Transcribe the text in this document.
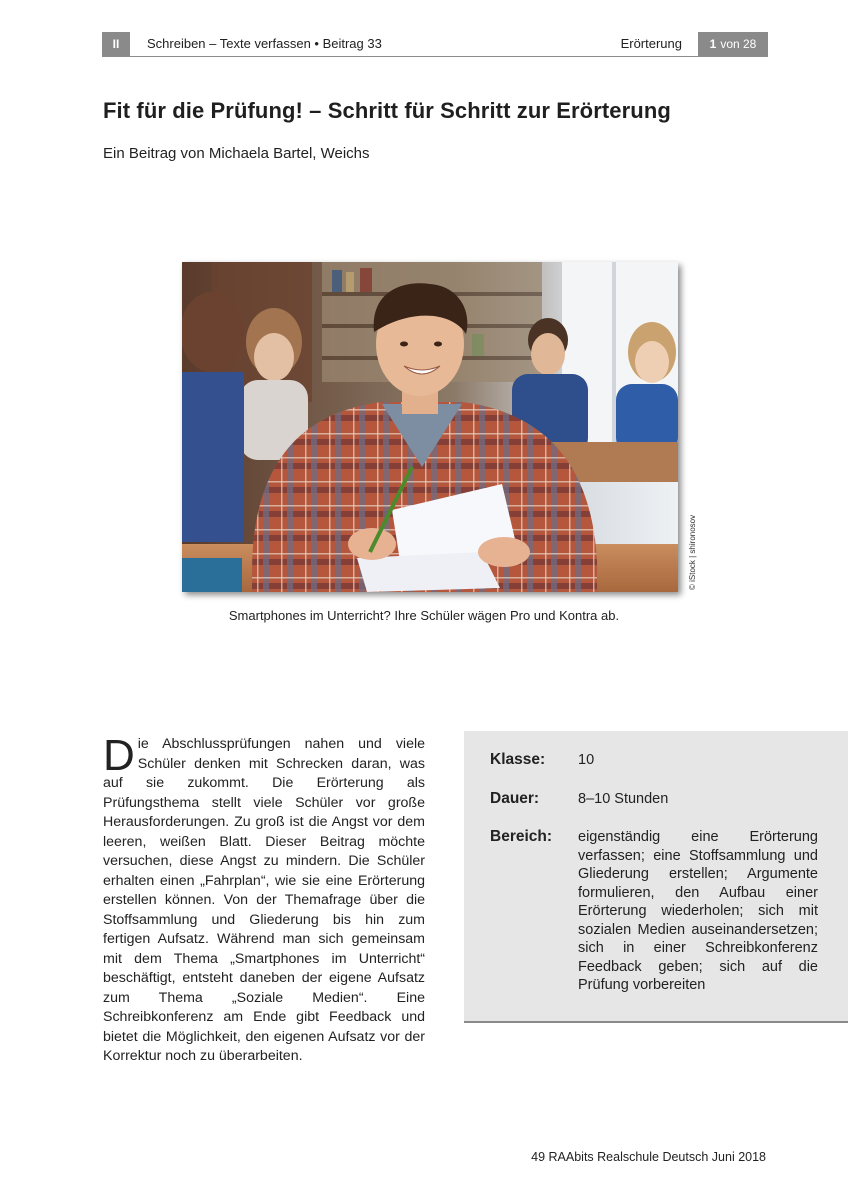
II	Schreiben – Texte verfassen • Beitrag 33	Erörterung 1 von 28
Fit für die Prüfung! – Schritt für Schritt zur Erörterung
Ein Beitrag von Michaela Bartel, Weichs
© iStock | shironosov
Smartphones im Unterricht? Ihre Schüler wägen Pro und Kontra ab.
Die Abschlussprüfungen nahen und viele Schüler denken mit Schrecken daran, was auf sie zukommt. Die Erörterung als Prüfungsthema stellt viele Schüler vor große Herausforderungen. Zu groß ist die Angst vor dem leeren, weißen Blatt. Dieser Beitrag möchte versuchen, diese Angst zu mindern. Die Schüler erhalten einen „Fahrplan“, wie sie eine Erörterung erstellen können. Von der Themafrage über die Stoffsammlung und Gliederung bis hin zum fertigen Aufsatz. Während man sich gemeinsam mit dem Thema „Smartphones im Unterricht“ beschäftigt, entsteht daneben der eigene Aufsatz zum Thema „Soziale Medien“. Eine Schreibkonferenz am Ende gibt Feedback und bietet die Möglichkeit, den eigenen Aufsatz vor der Korrektur noch zu überarbeiten.
Klasse:	10
Dauer:	8–10 Stunden
Bereich:	eigenständig eine Erörterung verfassen; eine Stoffsammlung und Gliederung erstellen; Argumente formulieren, den Aufbau einer Erörterung wiederholen; sich mit sozialen Medien auseinandersetzen; sich in einer Schreibkonferenz Feedback geben; sich auf die Prüfung vorbereiten
49 RAAbits Realschule Deutsch Juni 2018
